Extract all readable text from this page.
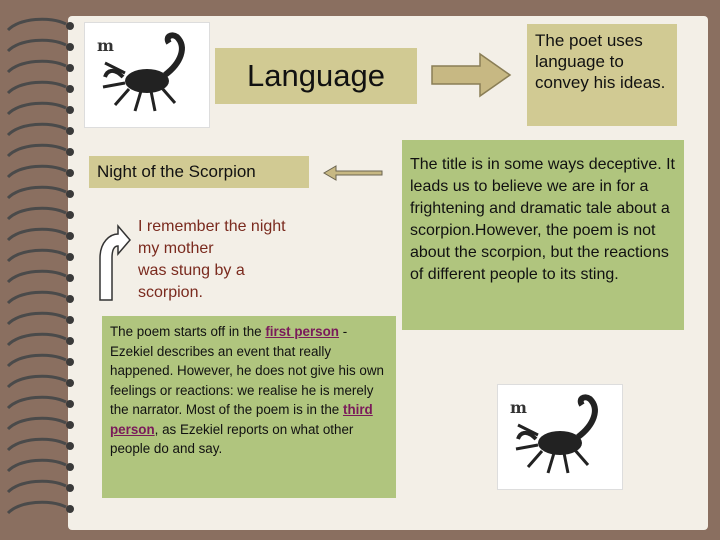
m
Language
The poet uses language to convey his ideas.
Night of the Scorpion	The title is in some ways deceptive. It leads us to believe we are in for a frightening and dramatic tale about a scorpion.However, the poem is not about the scorpion, but the reactions of different people to its sting.
I remember the night
my mother
was stung by a
scorpion.
The poem starts off in the first person - Ezekiel describes an event that really happened. However, he does not give his own feelings or reactions: we realise he is merely the narrator. Most of the poem is in the third person, as Ezekiel reports on what other people do and say.
m
